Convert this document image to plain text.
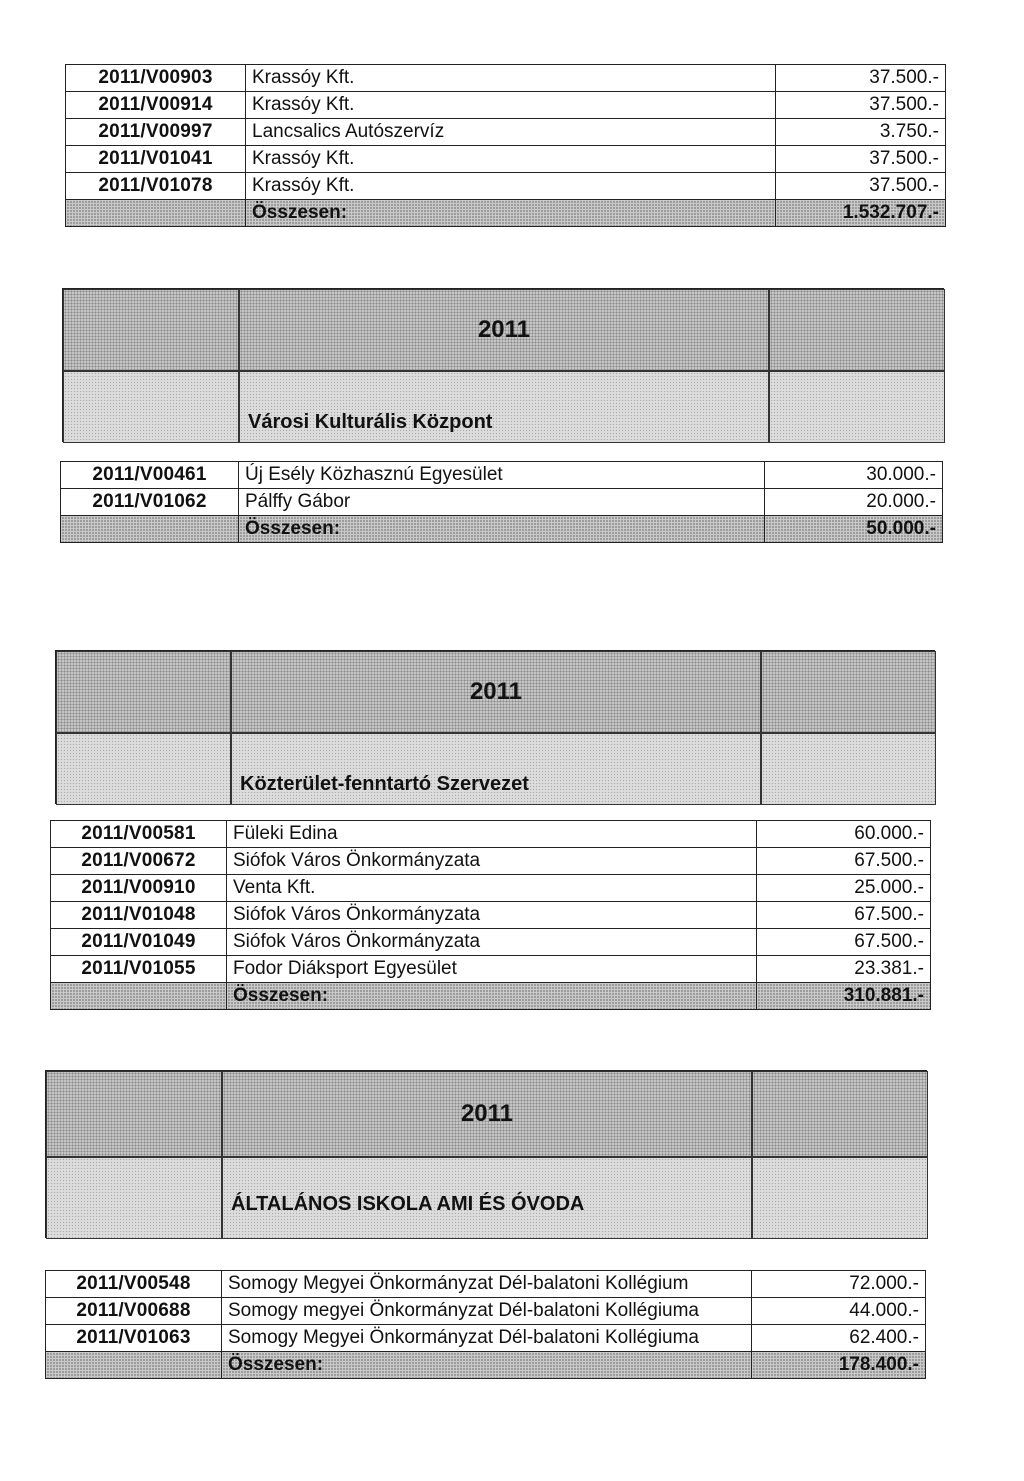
2011/V00903	Krassóy Kft.	37.500.-
2011/V00914	Krassóy Kft.	37.500.-
2011/V00997	Lancsalics Autószervíz	3.750.-
2011/V01041	Krassóy Kft.	37.500.-
2011/V01078	Krassóy Kft.	37.500.-
	Összesen:	1.532.707.-
2011
Városi Kulturális Központ
2011/V00461	Új Esély Közhasznú Egyesület	30.000.-
2011/V01062	Pálffy Gábor	20.000.-
	Összesen:	50.000.-
2011
Közterület-fenntartó Szervezet
2011/V00581	Füleki Edina	60.000.-
2011/V00672	Siófok Város Önkormányzata	67.500.-
2011/V00910	Venta Kft.	25.000.-
2011/V01048	Siófok Város Önkormányzata	67.500.-
2011/V01049	Siófok Város Önkormányzata	67.500.-
2011/V01055	Fodor Diáksport Egyesület	23.381.-
	Összesen:	310.881.-
2011
ÁLTALÁNOS ISKOLA AMI ÉS ÓVODA
2011/V00548	Somogy Megyei Önkormányzat Dél-balatoni Kollégium	72.000.-
2011/V00688	Somogy megyei Önkormányzat Dél-balatoni Kollégiuma	44.000.-
2011/V01063	Somogy Megyei Önkormányzat Dél-balatoni Kollégiuma	62.400.-
	Összesen:	178.400.-
